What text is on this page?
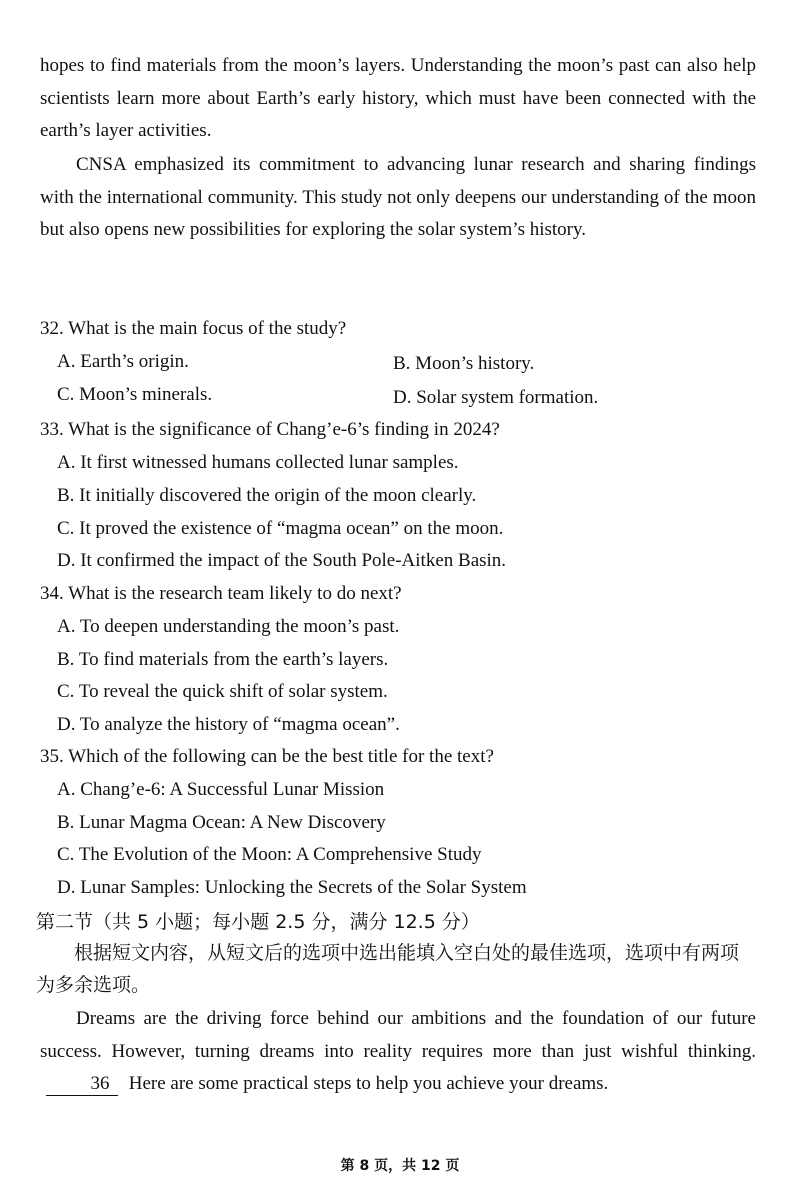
hopes to find materials from the moon’s layers. Understanding the moon’s past can also help scientists learn more about Earth’s early history, which must have been connected with the earth’s layer activities.

CNSA emphasized its commitment to advancing lunar research and sharing findings with the international community. This study not only deepens our understanding of the moon but also opens new possibilities for exploring the solar system’s history.

32. What is the main focus of the study?

A. Earth’s origin.	B. Moon’s history.

C. Moon’s minerals.	D. Solar system formation.

33. What is the significance of Chang’e-6’s finding in 2024?

A. It first witnessed humans collected lunar samples.

B. It initially discovered the origin of the moon clearly.

C. It proved the existence of “magma ocean” on the moon.

D. It confirmed the impact of the South Pole-Aitken Basin.

34. What is the research team likely to do next?

A. To deepen understanding the moon’s past.

B. To find materials from the earth’s layers.

C. To reveal the quick shift of solar system.

D. To analyze the history of “magma ocean”.

35. Which of the following can be the best title for the text?

A. Chang’e-6: A Successful Lunar Mission

B. Lunar Magma Ocean: A New Discovery

C. The Evolution of the Moon: A Comprehensive Study

D. Lunar Samples: Unlocking the Secrets of the Solar System

第二节（共 5 小题；每小题 2.5 分，满分 12.5 分）

根据短文内容，从短文后的选项中选出能填入空白处的最佳选项，选项中有两项为多余选项。

Dreams are the driving force behind our ambitions and the foundation of our future success. However, turning dreams into reality requires more than just wishful thinking. 36 Here are some practical steps to help you achieve your dreams.

第 8 页，共 12 页
